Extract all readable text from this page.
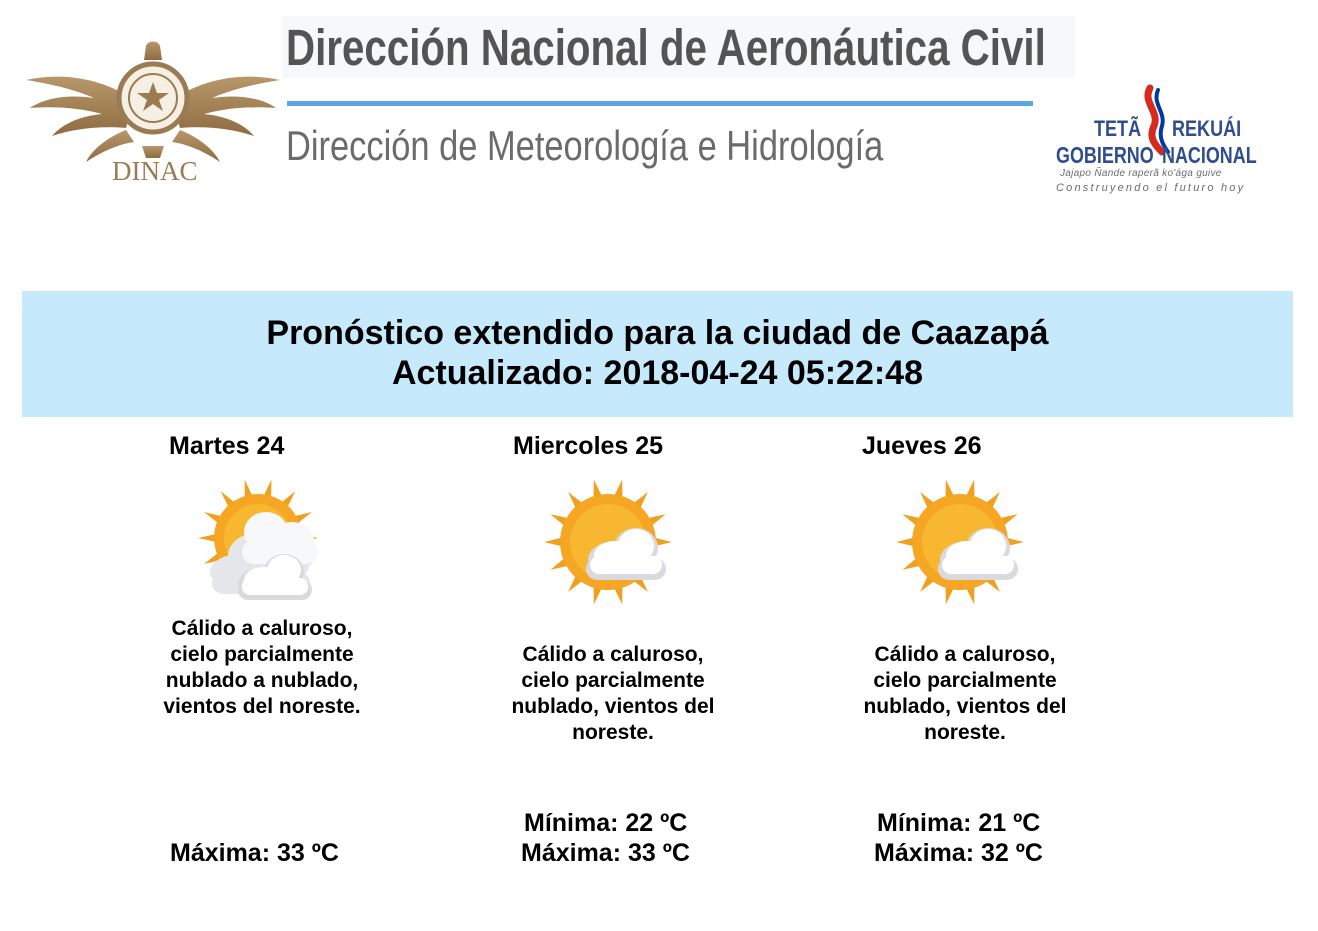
DINAC
Dirección Nacional de Aeronáutica Civil
Dirección de Meteorología e Hidrología	TETÃ REKUÁI
GOBIERNO NACIONAL
Jajapo Ñande raperã ko'ága guive
Construyendo el futuro hoy
Pronóstico extendido para la ciudad de Caazapá
Actualizado: 2018-04-24 05:22:48
Martes 24
Cálido a caluroso, cielo parcialmente nublado a nublado, vientos del noreste.
Máxima: 33 ºC
Miercoles 25
Cálido a caluroso, cielo parcialmente nublado, vientos del noreste.
Mínima: 22 ºC
Máxima: 33 ºC
Jueves 26
Cálido a caluroso, cielo parcialmente nublado, vientos del noreste.
Mínima: 21 ºC
Máxima: 32 ºC
